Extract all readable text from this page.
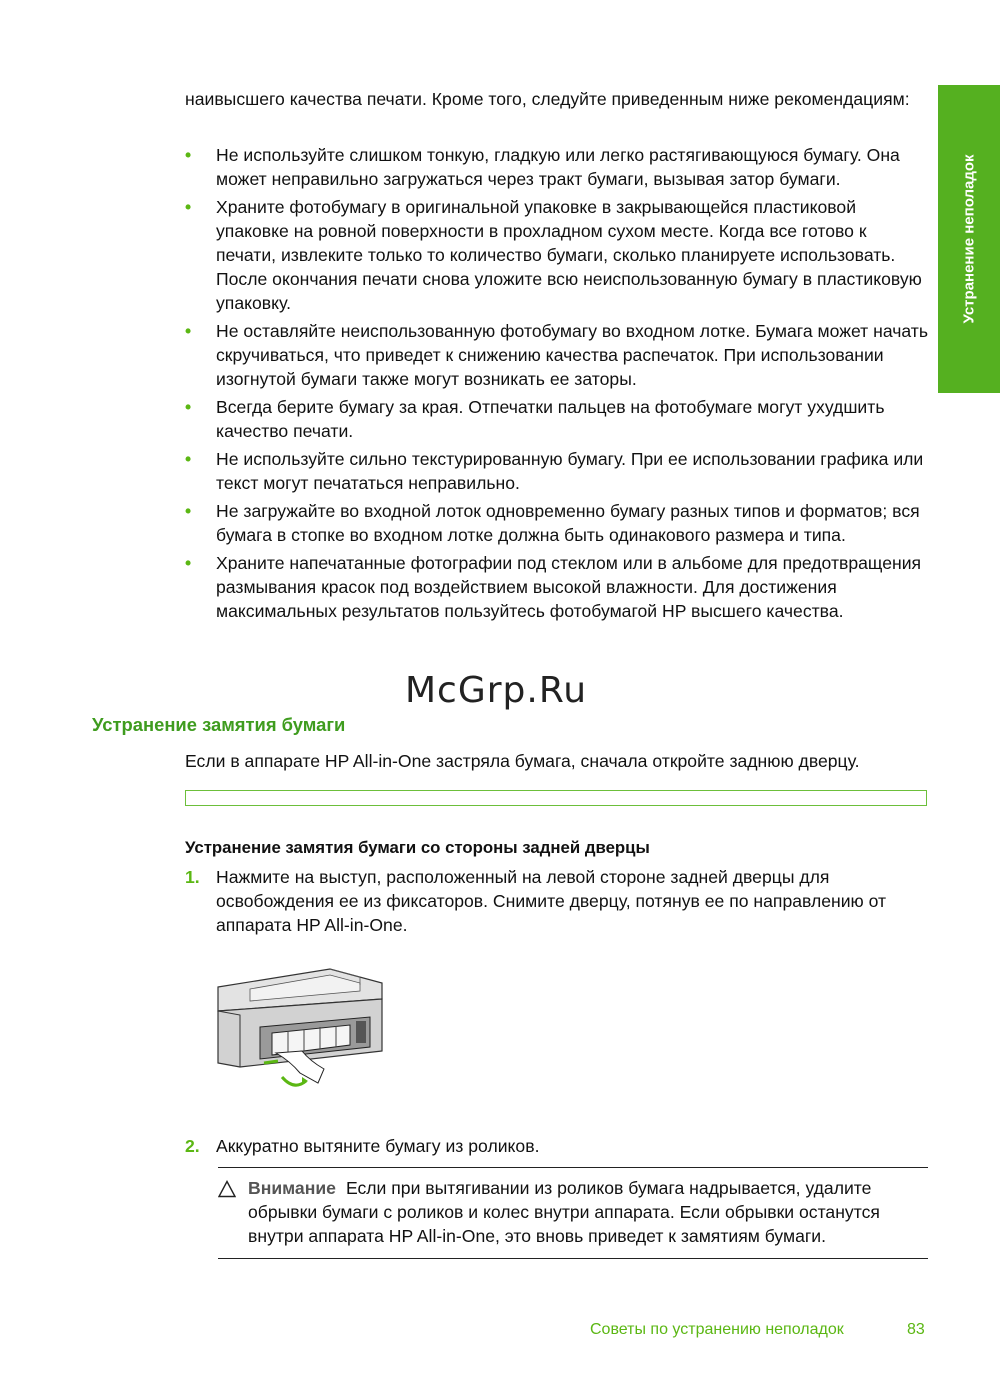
Устранение неполадок

наивысшего качества печати. Кроме того, следуйте приведенным ниже рекомендациям:

• Не используйте слишком тонкую, гладкую или легко растягивающуюся бумагу. Она может неправильно загружаться через тракт бумаги, вызывая затор бумаги.
• Храните фотобумагу в оригинальной упаковке в закрывающейся пластиковой упаковке на ровной поверхности в прохладном сухом месте. Когда все готово к печати, извлеките только то количество бумаги, сколько планируете использовать. После окончания печати снова уложите всю неиспользованную бумагу в пластиковую упаковку.
• Не оставляйте неиспользованную фотобумагу во входном лотке. Бумага может начать скручиваться, что приведет к снижению качества распечаток. При использовании изогнутой бумаги также могут возникать ее заторы.
• Всегда берите бумагу за края. Отпечатки пальцев на фотобумаге могут ухудшить качество печати.
• Не используйте сильно текстурированную бумагу. При ее использовании графика или текст могут печататься неправильно.
• Не загружайте во входной лоток одновременно бумагу разных типов и форматов; вся бумага в стопке во входном лотке должна быть одинакового размера и типа.
• Храните напечатанные фотографии под стеклом или в альбоме для предотвращения размывания красок под воздействием высокой влажности. Для достижения максимальных результатов пользуйтесь фотобумагой HP высшего качества.
McGrp.Ru
Устранение замятия бумаги

Если в аппарате HP All-in-One застряла бумага, сначала откройте заднюю дверцу.

Устранение замятия бумаги со стороны задней дверцы
1. Нажмите на выступ, расположенный на левой стороне задней дверцы для освобождения ее из фиксаторов. Снимите дверцу, потянув ее по направлению от аппарата HP All-in-One.
2. Аккуратно вытяните бумагу из роликов.
Внимание Если при вытягивании из роликов бумага надрывается, удалите обрывки бумаги с роликов и колес внутри аппарата. Если обрывки останутся внутри аппарата HP All-in-One, это вновь приведет к замятиям бумаги.
Советы по устранению неполадок	83
